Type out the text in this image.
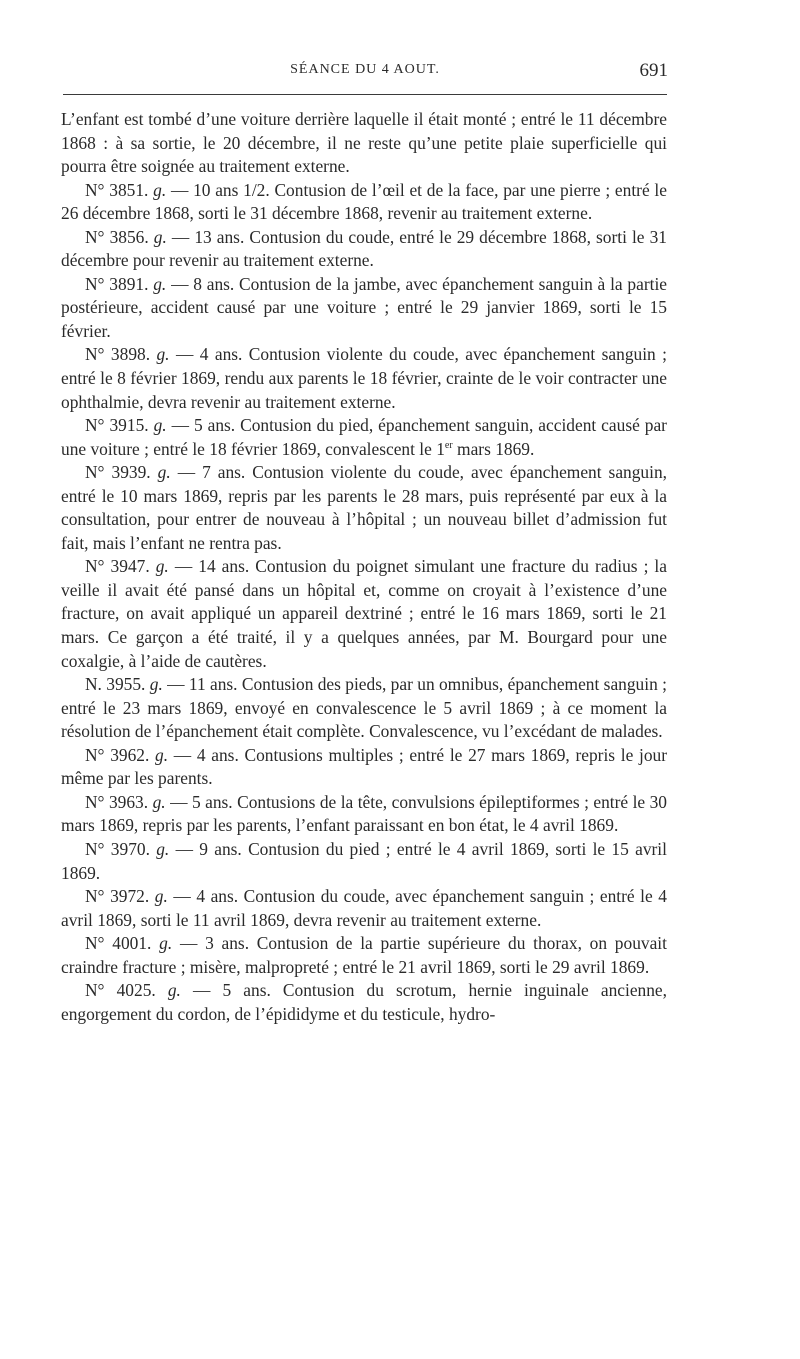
SÉANCE DU 4 AOUT.	691

L’enfant est tombé d’une voiture derrière laquelle il était monté ; entré le 11 décembre 1868 : à sa sortie, le 20 décembre, il ne reste qu’une petite plaie superficielle qui pourra être soignée au traitement externe.

N° 3851. g. — 10 ans 1/2. Contusion de l’œil et de la face, par une pierre ; entré le 26 décembre 1868, sorti le 31 décembre 1868, revenir au traitement externe.

N° 3856. g. — 13 ans. Contusion du coude, entré le 29 décembre 1868, sorti le 31 décembre pour revenir au traitement externe.

N° 3891. g. — 8 ans. Contusion de la jambe, avec épanchement sanguin à la partie postérieure, accident causé par une voiture ; entré le 29 janvier 1869, sorti le 15 février.

N° 3898. g. — 4 ans. Contusion violente du coude, avec épanchement sanguin ; entré le 8 février 1869, rendu aux parents le 18 février, crainte de le voir contracter une ophthalmie, devra revenir au traitement externe.

N° 3915. g. — 5 ans. Contusion du pied, épanchement sanguin, accident causé par une voiture ; entré le 18 février 1869, convalescent le 1er mars 1869.

N° 3939. g. — 7 ans. Contusion violente du coude, avec épanchement sanguin, entré le 10 mars 1869, repris par les parents le 28 mars, puis représenté par eux à la consultation, pour entrer de nouveau à l’hôpital ; un nouveau billet d’admission fut fait, mais l’enfant ne rentra pas.

N° 3947. g. — 14 ans. Contusion du poignet simulant une fracture du radius ; la veille il avait été pansé dans un hôpital et, comme on croyait à l’existence d’une fracture, on avait appliqué un appareil dextriné ; entré le 16 mars 1869, sorti le 21 mars. Ce garçon a été traité, il y a quelques années, par M. Bourgard pour une coxalgie, à l’aide de cautères.

N. 3955. g. — 11 ans. Contusion des pieds, par un omnibus, épanchement sanguin ; entré le 23 mars 1869, envoyé en convalescence le 5 avril 1869 ; à ce moment la résolution de l’épanchement était complète. Convalescence, vu l’excédant de malades.

N° 3962. g. — 4 ans. Contusions multiples ; entré le 27 mars 1869, repris le jour même par les parents.

N° 3963. g. — 5 ans. Contusions de la tête, convulsions épileptiformes ; entré le 30 mars 1869, repris par les parents, l’enfant paraissant en bon état, le 4 avril 1869.

N° 3970. g. — 9 ans. Contusion du pied ; entré le 4 avril 1869, sorti le 15 avril 1869.

N° 3972. g. — 4 ans. Contusion du coude, avec épanchement sanguin ; entré le 4 avril 1869, sorti le 11 avril 1869, devra revenir au traitement externe.

N° 4001. g. — 3 ans. Contusion de la partie supérieure du thorax, on pouvait craindre fracture ; misère, malpropreté ; entré le 21 avril 1869, sorti le 29 avril 1869.

N° 4025. g. — 5 ans. Contusion du scrotum, hernie inguinale ancienne, engorgement du cordon, de l’épididyme et du testicule, hydro-
